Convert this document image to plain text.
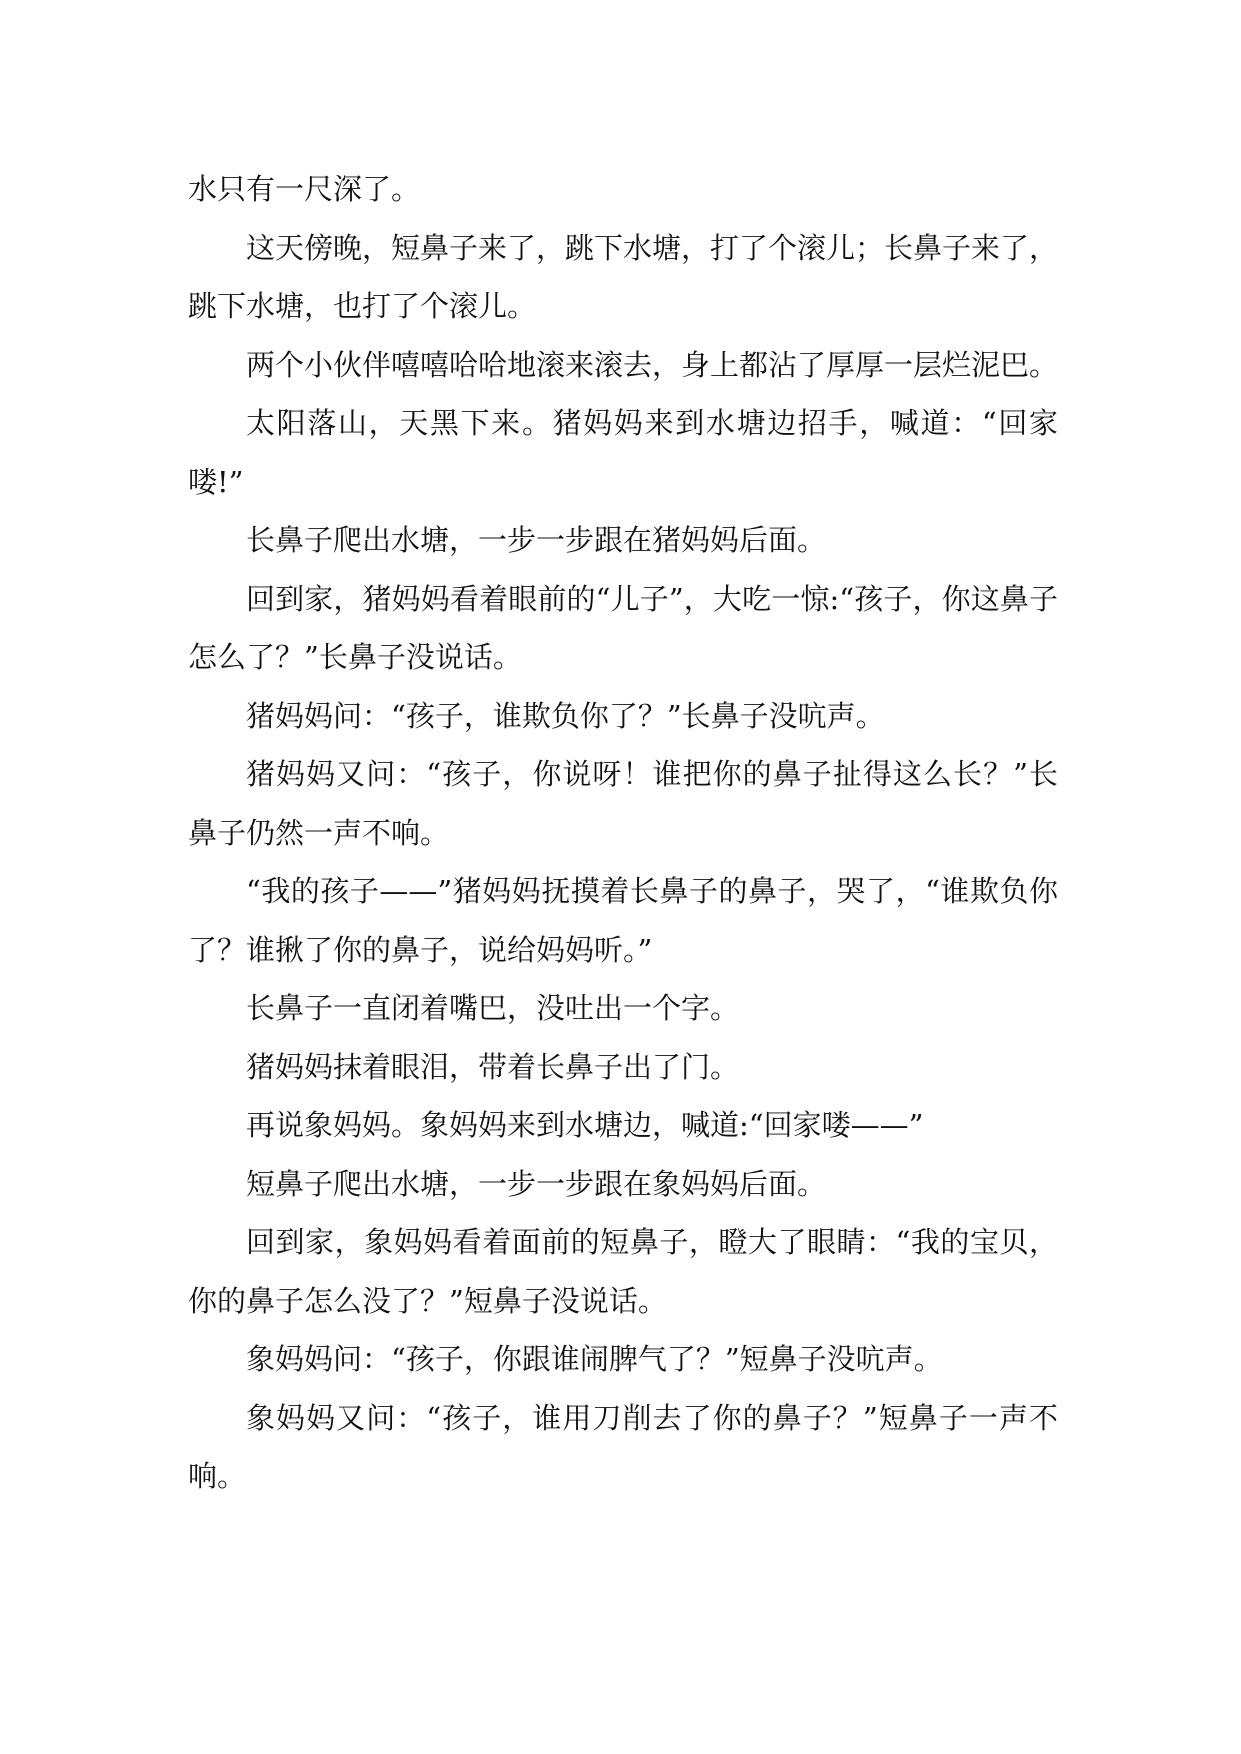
水只有一尺深了。

这天傍晚，短鼻子来了，跳下水塘，打了个滚儿；长鼻子来了，跳下水塘，也打了个滚儿。

两个小伙伴嘻嘻哈哈地滚来滚去，身上都沾了厚厚一层烂泥巴。

太阳落山，天黑下来。猪妈妈来到水塘边招手，喊道：“回家喽!”

长鼻子爬出水塘，一步一步跟在猪妈妈后面。

回到家，猪妈妈看着眼前的“儿子”，大吃一惊:“孩子，你这鼻子怎么了？”长鼻子没说话。

猪妈妈问：“孩子，谁欺负你了？”长鼻子没吭声。

猪妈妈又问：“孩子，你说呀！谁把你的鼻子扯得这么长？”长鼻子仍然一声不响。

“我的孩子——”猪妈妈抚摸着长鼻子的鼻子，哭了，“谁欺负你了？谁揪了你的鼻子，说给妈妈听。”

长鼻子一直闭着嘴巴，没吐出一个字。

猪妈妈抹着眼泪，带着长鼻子出了门。

再说象妈妈。象妈妈来到水塘边，喊道:“回家喽——”

短鼻子爬出水塘，一步一步跟在象妈妈后面。

回到家，象妈妈看着面前的短鼻子，瞪大了眼睛：“我的宝贝，你的鼻子怎么没了？”短鼻子没说话。

象妈妈问：“孩子，你跟谁闹脾气了？”短鼻子没吭声。

象妈妈又问：“孩子，谁用刀削去了你的鼻子？”短鼻子一声不响。
